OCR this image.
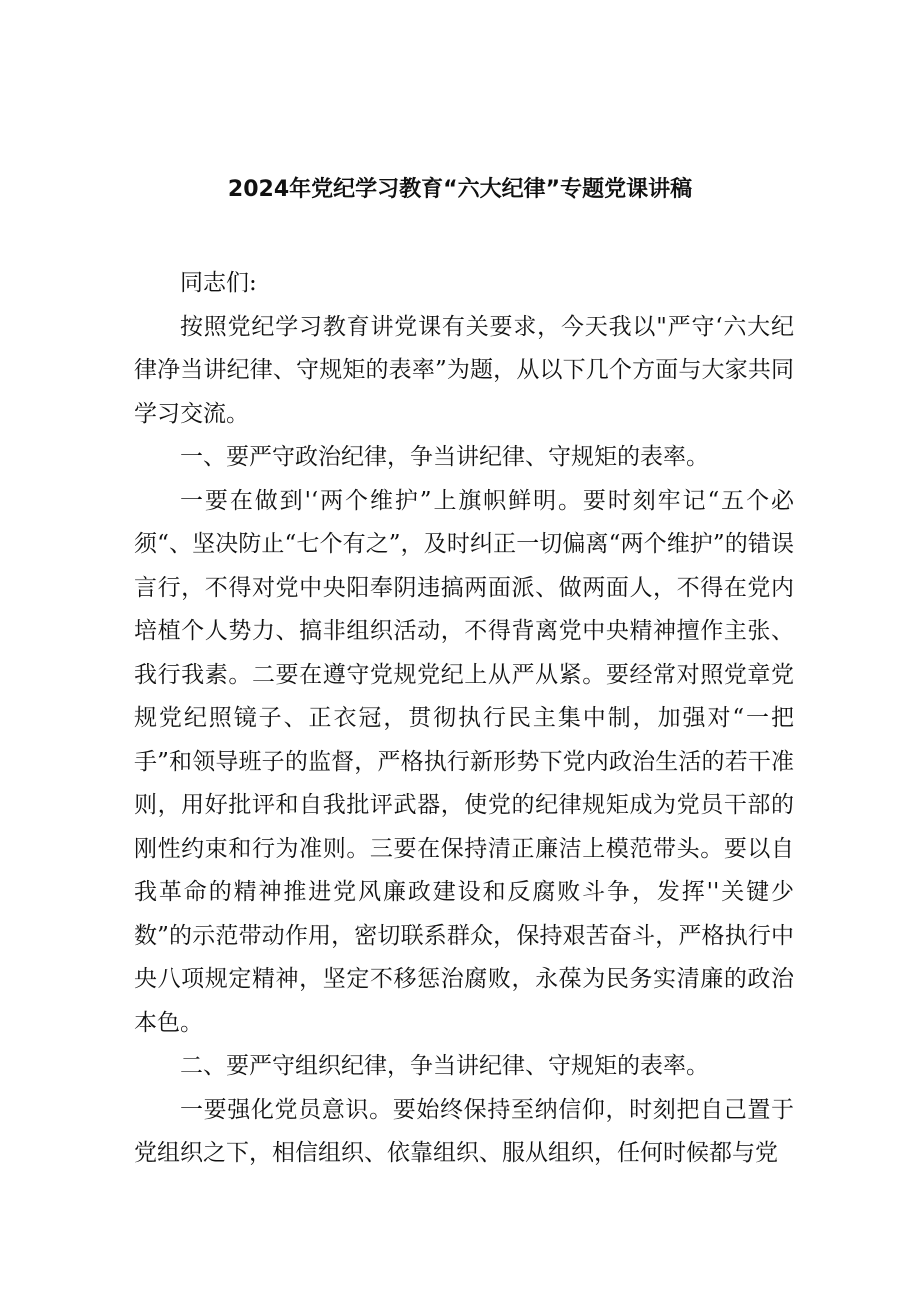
2024年党纪学习教育“六大纪律”专题党课讲稿

同志们:

按照党纪学习教育讲党课有关要求，今天我以"严守‘六大纪律净当讲纪律、守规矩的表率”为题，从以下几个方面与大家共同学习交流。

一、要严守政治纪律，争当讲纪律、守规矩的表率。

一要在做到'‘两个维护”上旗帜鲜明。要时刻牢记“五个必须“、坚决防止“七个有之”，及时纠正一切偏离“两个维护”的错误言行，不得对党中央阳奉阴违搞两面派、做两面人，不得在党内培植个人势力、搞非组织活动，不得背离党中央精神擅作主张、我行我素。二要在遵守党规党纪上从严从紧。要经常对照党章党规党纪照镜子、正衣冠，贯彻执行民主集中制，加强对“一把手”和领导班子的监督，严格执行新形势下党内政治生活的若干准则，用好批评和自我批评武器，使党的纪律规矩成为党员干部的刚性约束和行为准则。三要在保持清正廉洁上模范带头。要以自我革命的精神推进党风廉政建设和反腐败斗争，发挥''关键少数”的示范带动作用，密切联系群众，保持艰苦奋斗，严格执行中央八项规定精神，坚定不移惩治腐败，永葆为民务实清廉的政治本色。

二、要严守组织纪律，争当讲纪律、守规矩的表率。

一要强化党员意识。要始终保持至纳信仰，时刻把自己置于党组织之下，相信组织、依靠组织、服从组织，任何时候都与党
